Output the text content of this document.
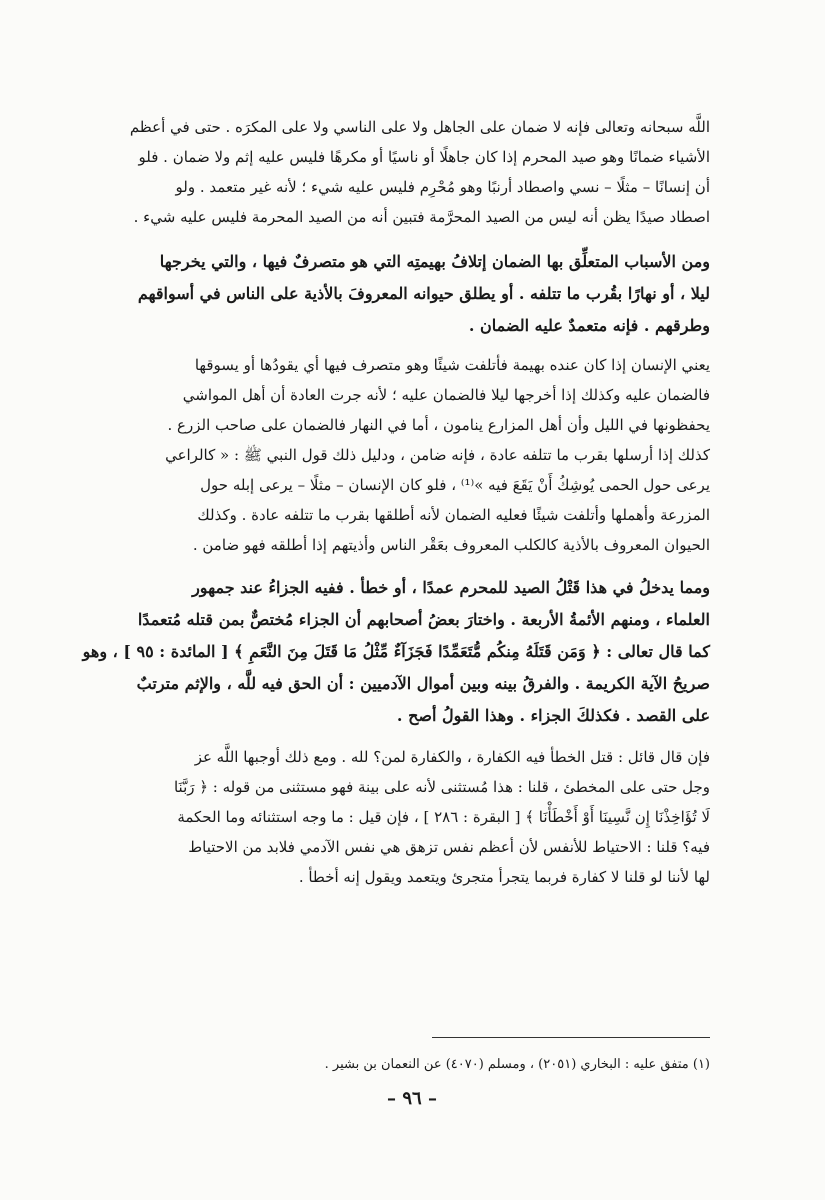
اللَّه سبحانه وتعالى فإنه لا ضمان على الجاهل ولا على الناسي ولا على المكرَه . حتى في أعظم
الأشياء ضمانًا وهو صيد المحرم إذا كان جاهلًا أو ناسيًا أو مكرهًا فليس عليه إثم ولا ضمان . فلو
أن إنسانًا – مثلًا – نسي واصطاد أرنبًا وهو مُحْرِم فليس عليه شيء ؛ لأنه غير متعمد . ولو
اصطاد صيدًا يظن أنه ليس من الصيد المحرَّمة فتبين أنه من الصيد المحرمة فليس عليه شيء .
ومن الأسباب المتعلِّق بها الضمان إتلافُ بهيمتِه التي هو متصرفٌ فيها ، والتي يخرجها
ليلا ، أو نهارًا بقُرب ما تتلفه . أو يطلق حيوانه المعروفَ بالأذية على الناس في أسواقهم
وطرقهم . فإنه متعمدٌ عليه الضمان .
يعني الإنسان إذا كان عنده بهيمة فأتلفت شيئًا وهو متصرف فيها أي يقودُها أو يسوقها
فالضمان عليه وكذلك إذا أخرجها ليلا فالضمان عليه ؛ لأنه جرت العادة أن أهل المواشي
يحفظونها في الليل وأن أهل المزارع ينامون ، أما في النهار فالضمان على صاحب الزرع .
كذلك إذا أرسلها بقرب ما تتلفه عادة ، فإنه ضامن ، ودليل ذلك قول النبي ﷺ : « كالراعي
يرعى حول الحمى يُوشِكُ أَنْ يَقَعَ فيه »⁽¹⁾ ، فلو كان الإنسان – مثلًا – يرعى إبله حول
المزرعة وأهملها وأتلفت شيئًا فعليه الضمان لأنه أطلقها بقرب ما تتلفه عادة . وكذلك
الحيوان المعروف بالأذية كالكلب المعروف بعَقْر الناس وأذيتهم إذا أطلقه فهو ضامن .
ومما يدخلُ في هذا قَتْلُ الصيد للمحرم عمدًا ، أو خطأ . ففيه الجزاءُ عند جمهور
العلماء ، ومنهم الأئمةُ الأربعة . واختارَ بعضُ أصحابهم أن الجزاء مُختصٌّ بمن قتله مُتعمدًا
كما قال تعالى : ﴿ وَمَن قَتَلَهُ مِنكُم مُّتَعَمِّدًا فَجَزَآءٌ مِّثْلُ مَا قَتَلَ مِنَ النَّعَمِ ﴾ [ المائدة : ٩٥ ] ، وهو
صريحُ الآية الكريمة . والفرقُ بينه وبين أموال الآدميين : أن الحق فيه للَّه ، والإثم مترتبٌ
على القصد . فكذلكَ الجزاء . وهذا القولُ أصح .
فإن قال قائل : قتل الخطأ فيه الكفارة ، والكفارة لمن؟ لله . ومع ذلك أوجبها اللَّه عز
وجل حتى على المخطئ ، قلنا : هذا مُستثنى لأنه على بينة فهو مستثنى من قوله : ﴿ رَبَّنَا
لَا تُؤَاخِذْنَا إِن نَّسِينَا أَوْ أَخْطَأْنَا ﴾ [ البقرة : ٢٨٦ ] ، فإن قيل : ما وجه استثنائه وما الحكمة
فيه؟ قلنا : الاحتياط للأنفس لأن أعظم نفس تزهق هي نفس الآدمي فلابد من الاحتياط
لها لأننا لو قلنا لا كفارة فربما يتجرأ متجرئ ويتعمد ويقول إنه أخطأ .
(١) متفق عليه : البخاري (٢٠٥١) ، ومسلم (٤٠٧٠) عن النعمان بن بشير .
– ٩٦ –
